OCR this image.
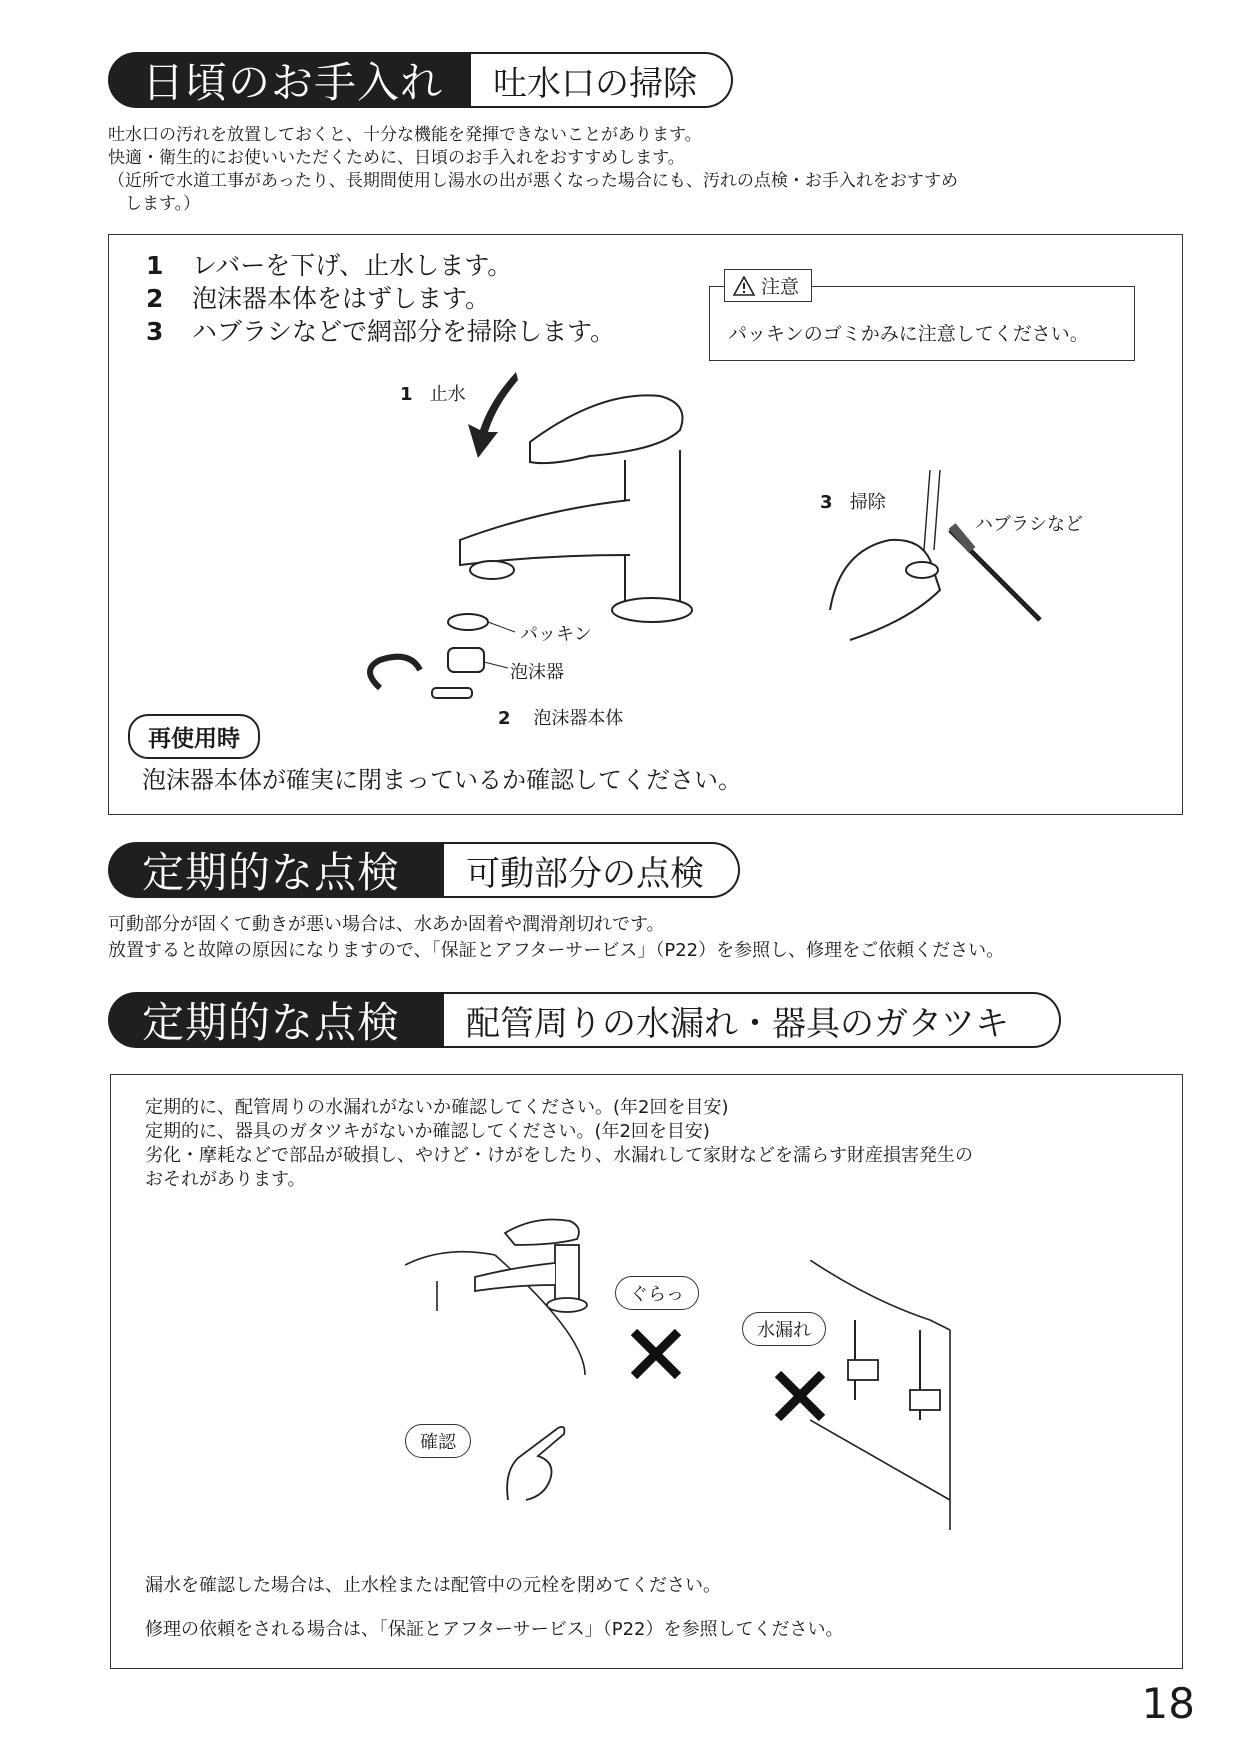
日頃のお手入れ	吐水口の掃除
吐水口の汚れを放置しておくと、十分な機能を発揮できないことがあります。
快適・衛生的にお使いいただくために、日頃のお手入れをおすすめします。
（近所で水道工事があったり、長期間使用し湯水の出が悪くなった場合にも、汚れの点検・お手入れをおすすめ
　します。）
1 レバーを下げ、止水します。
2 泡沫器本体をはずします。
3 ハブラシなどで網部分を掃除します。
注意
パッキンのゴミかみに注意してください。
1 止水
パッキン
泡沫器
2 泡沫器本体
3 掃除
ハブラシなど
再使用時
泡沫器本体が確実に閉まっているか確認してください。
定期的な点検	可動部分の点検
可動部分が固くて動きが悪い場合は、水あか固着や潤滑剤切れです。
放置すると故障の原因になりますので、「保証とアフターサービス」（P22）を参照し、修理をご依頼ください。
定期的な点検	配管周りの水漏れ・器具のガタツキ
定期的に、配管周りの水漏れがないか確認してください。(年2回を目安)
定期的に、器具のガタツキがないか確認してください。(年2回を目安)
劣化・摩耗などで部品が破損し、やけど・けがをしたり、水漏れして家財などを濡らす財産損害発生の
おそれがあります。
ぐらっ
水漏れ
確認
漏水を確認した場合は、止水栓または配管中の元栓を閉めてください。
修理の依頼をされる場合は、「保証とアフターサービス」（P22）を参照してください。
18
